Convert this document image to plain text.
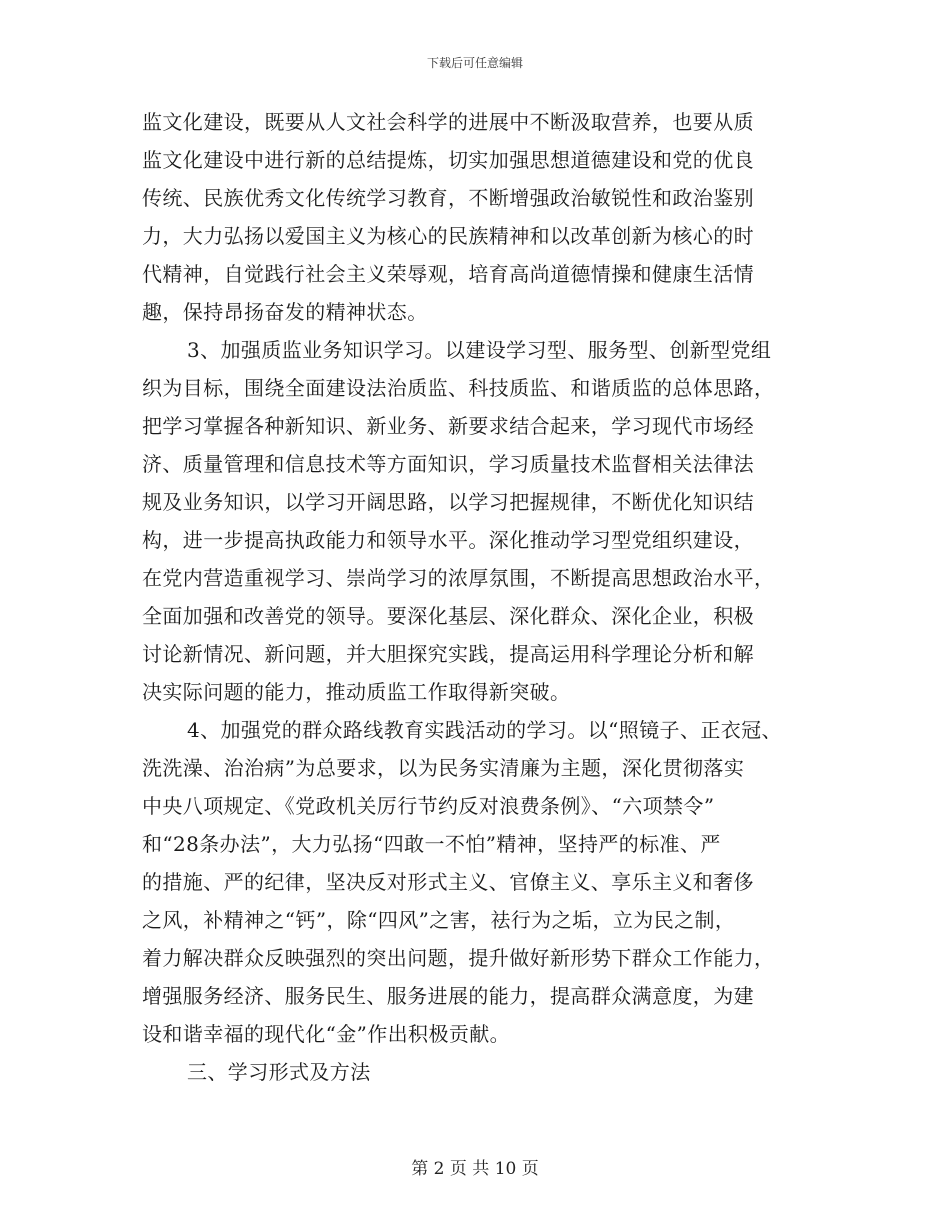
下载后可任意编辑
监文化建设，既要从人文社会科学的进展中不断汲取营养，也要从质
监文化建设中进行新的总结提炼，切实加强思想道德建设和党的优良
传统、民族优秀文化传统学习教育，不断增强政治敏锐性和政治鉴别
力，大力弘扬以爱国主义为核心的民族精神和以改革创新为核心的时
代精神，自觉践行社会主义荣辱观，培育高尚道德情操和健康生活情
趣，保持昂扬奋发的精神状态。
3、加强质监业务知识学习。以建设学习型、服务型、创新型党组
织为目标，围绕全面建设法治质监、科技质监、和谐质监的总体思路，
把学习掌握各种新知识、新业务、新要求结合起来，学习现代市场经
济、质量管理和信息技术等方面知识，学习质量技术监督相关法律法
规及业务知识，以学习开阔思路，以学习把握规律，不断优化知识结
构，进一步提高执政能力和领导水平。深化推动学习型党组织建设，
在党内营造重视学习、崇尚学习的浓厚氛围，不断提高思想政治水平，
全面加强和改善党的领导。要深化基层、深化群众、深化企业，积极
讨论新情况、新问题，并大胆探究实践，提高运用科学理论分析和解
决实际问题的能力，推动质监工作取得新突破。
4、加强党的群众路线教育实践活动的学习。以“照镜子、正衣冠、
洗洗澡、治治病”为总要求，以为民务实清廉为主题，深化贯彻落实
中央八项规定、《党政机关厉行节约反对浪费条例》、“六项禁令”
和“28条办法”，大力弘扬“四敢一不怕”精神，坚持严的标准、严
的措施、严的纪律，坚决反对形式主义、官僚主义、享乐主义和奢侈
之风，补精神之“钙”，除“四风”之害，祛行为之垢，立为民之制，
着力解决群众反映强烈的突出问题，提升做好新形势下群众工作能力，
增强服务经济、服务民生、服务进展的能力，提高群众满意度，为建
设和谐幸福的现代化“金”作出积极贡献。
三、学习形式及方法
第 2 页 共 10 页
